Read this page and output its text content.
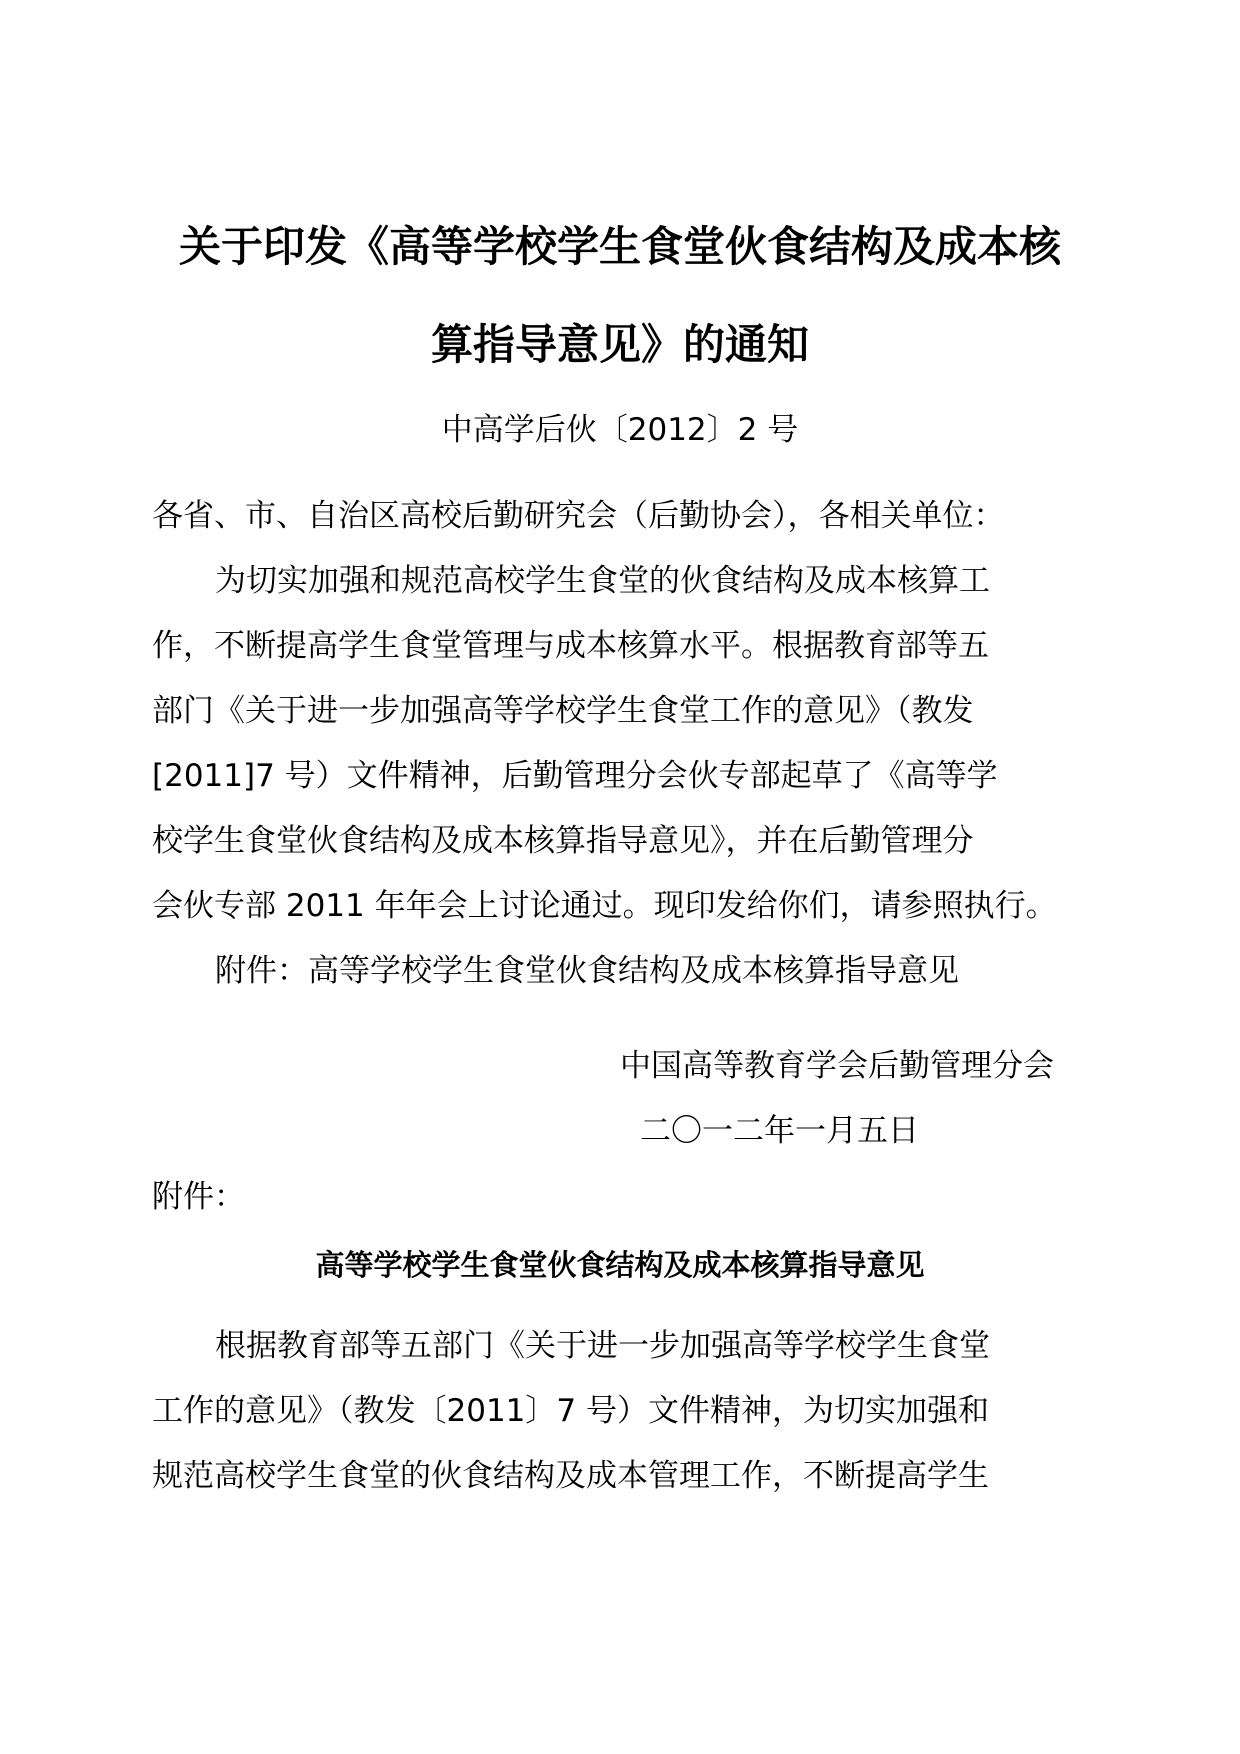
关于印发《高等学校学生食堂伙食结构及成本核
算指导意见》的通知
中高学后伙〔2012〕2 号
各省、市、自治区高校后勤研究会（后勤协会），各相关单位：
为切实加强和规范高校学生食堂的伙食结构及成本核算工
作，不断提高学生食堂管理与成本核算水平。根据教育部等五
部门《关于进一步加强高等学校学生食堂工作的意见》（教发
[2011]7 号）文件精神，后勤管理分会伙专部起草了《高等学
校学生食堂伙食结构及成本核算指导意见》，并在后勤管理分
会伙专部 2011 年年会上讨论通过。现印发给你们，请参照执行。
附件：高等学校学生食堂伙食结构及成本核算指导意见
中国高等教育学会后勤管理分会
二〇一二年一月五日
附件：
高等学校学生食堂伙食结构及成本核算指导意见
根据教育部等五部门《关于进一步加强高等学校学生食堂
工作的意见》（教发〔2011〕7 号）文件精神，为切实加强和
规范高校学生食堂的伙食结构及成本管理工作，不断提高学生
